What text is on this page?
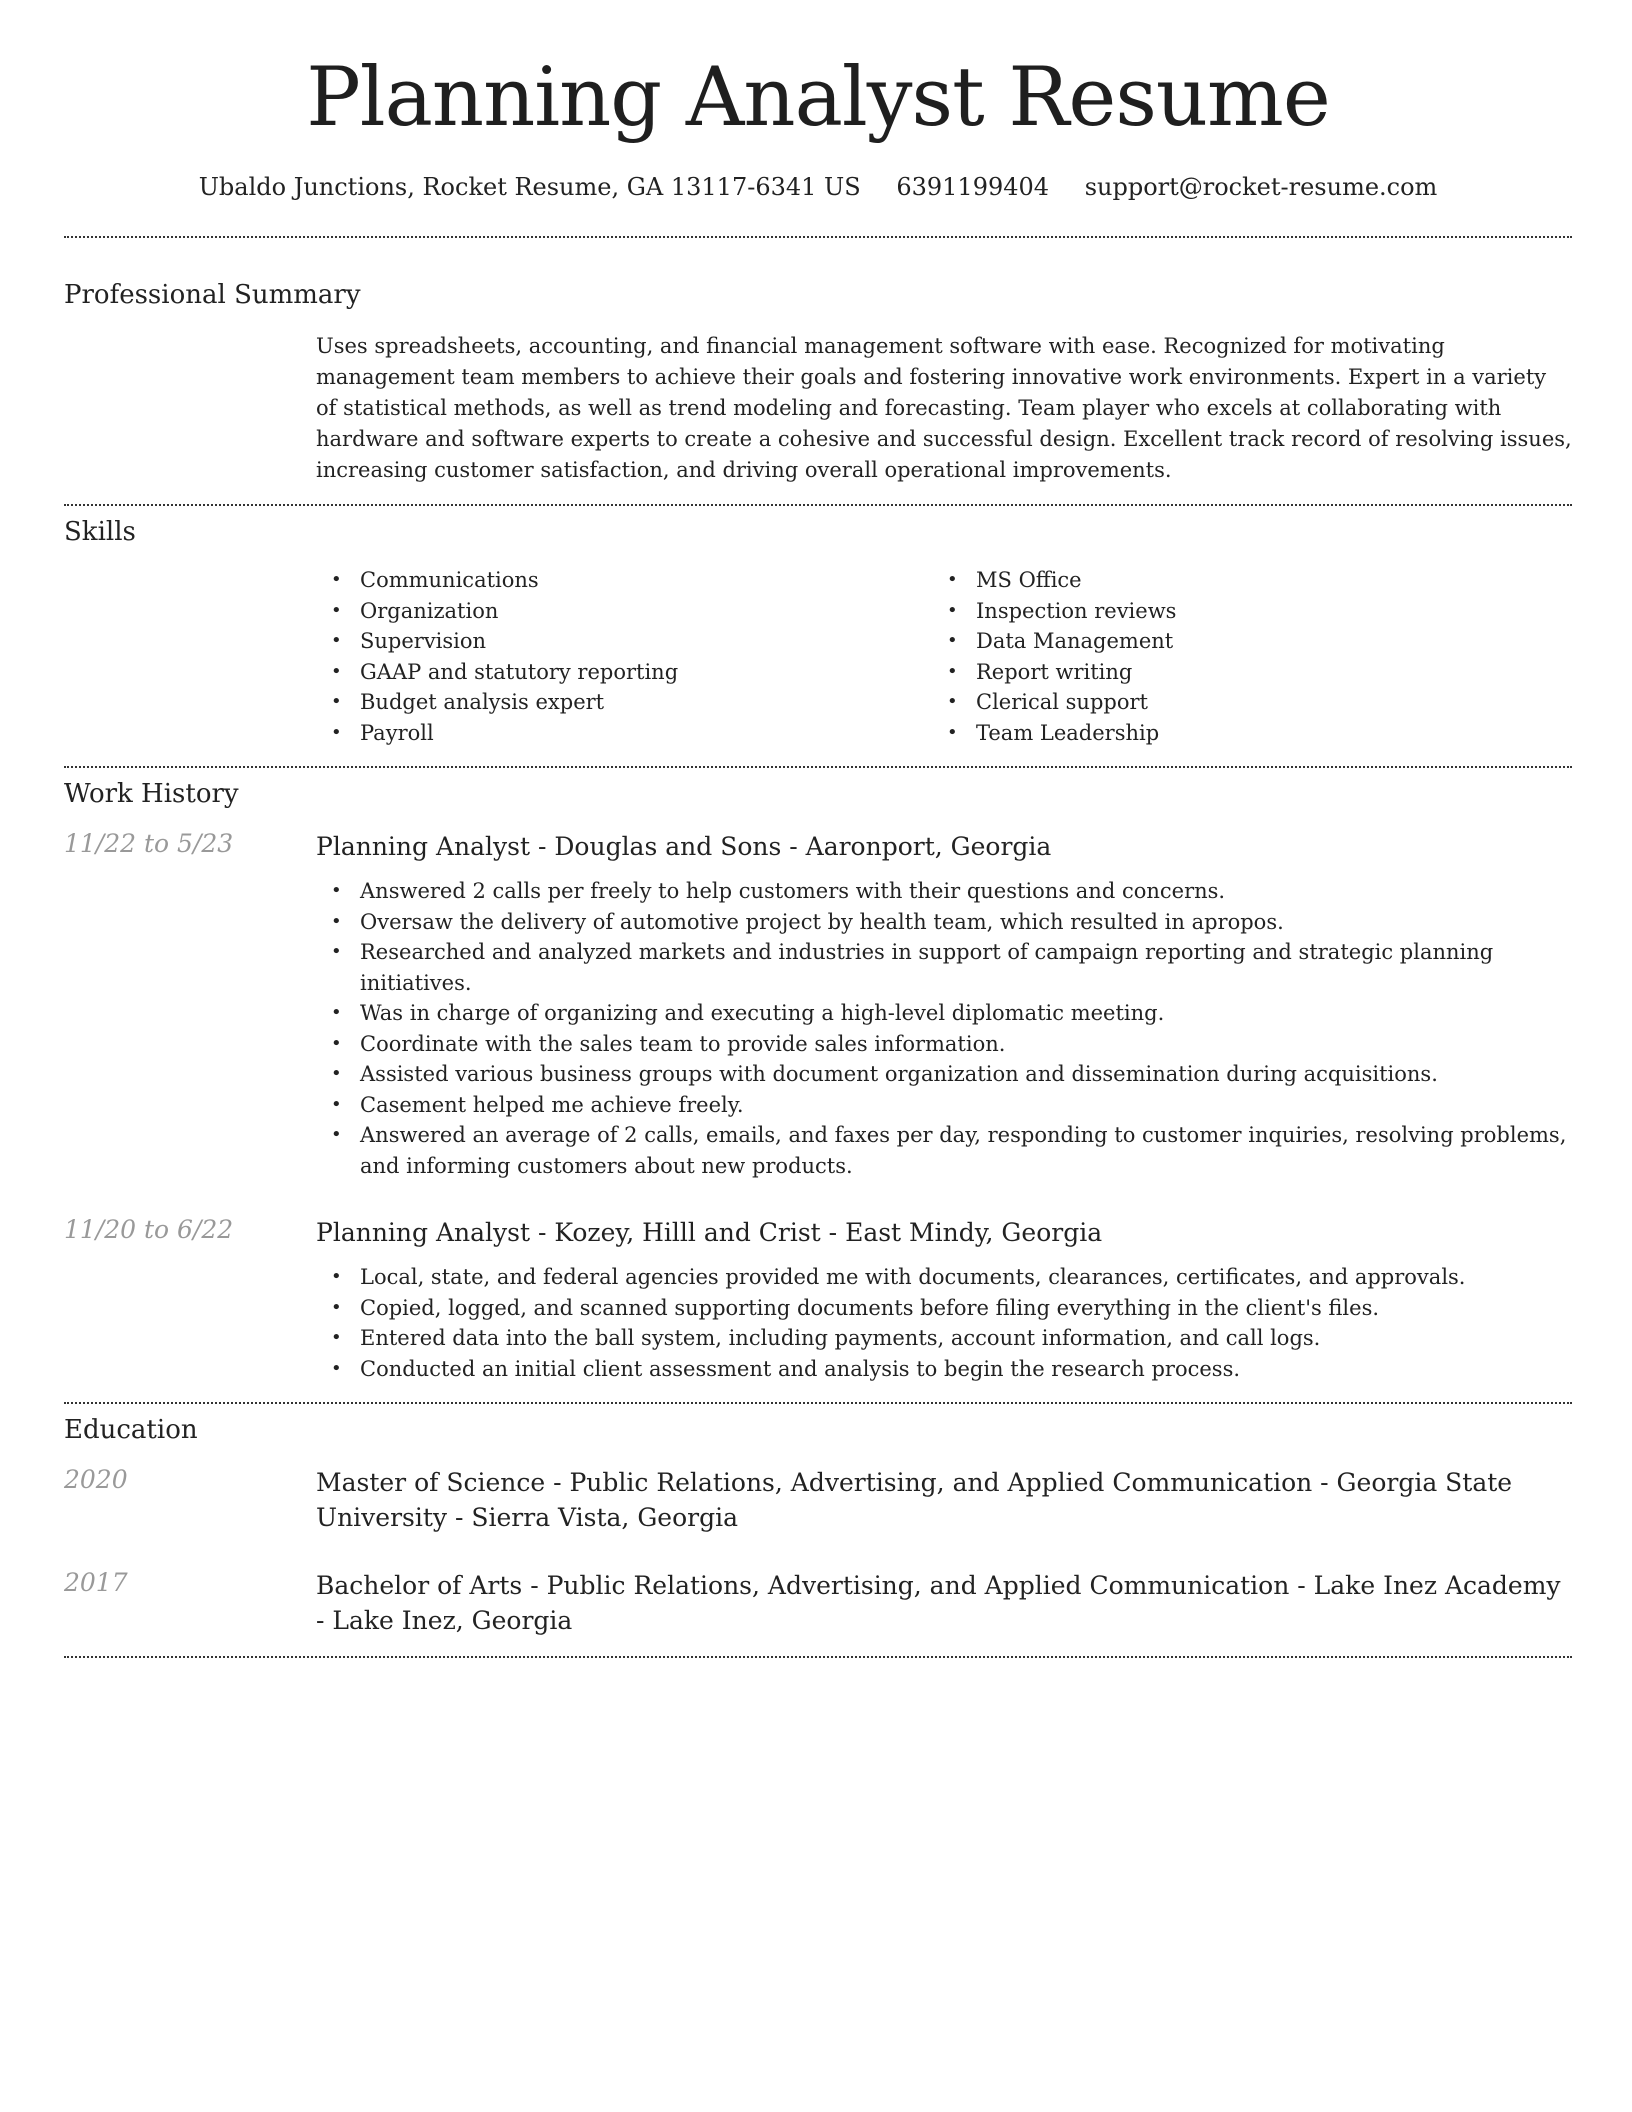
Planning Analyst Resume
Ubaldo Junctions, Rocket Resume, GA 13117-6341 US 6391199404 support@rocket-resume.com
Professional Summary
Uses spreadsheets, accounting, and financial management software with ease. Recognized for motivating management team members to achieve their goals and fostering innovative work environments. Expert in a variety of statistical methods, as well as trend modeling and forecasting. Team player who excels at collaborating with hardware and software experts to create a cohesive and successful design. Excellent track record of resolving issues, increasing customer satisfaction, and driving overall operational improvements.
Skills
• Communications
• Organization
• Supervision
• GAAP and statutory reporting
• Budget analysis expert
• Payroll
• MS Office
• Inspection reviews
• Data Management
• Report writing
• Clerical support
• Team Leadership
Work History
11/22 to 5/23	Planning Analyst - Douglas and Sons - Aaronport, Georgia
• Answered 2 calls per freely to help customers with their questions and concerns.
• Oversaw the delivery of automotive project by health team, which resulted in apropos.
• Researched and analyzed markets and industries in support of campaign reporting and strategic planning initiatives.
• Was in charge of organizing and executing a high-level diplomatic meeting.
• Coordinate with the sales team to provide sales information.
• Assisted various business groups with document organization and dissemination during acquisitions.
• Casement helped me achieve freely.
• Answered an average of 2 calls, emails, and faxes per day, responding to customer inquiries, resolving problems, and informing customers about new products.
11/20 to 6/22	Planning Analyst - Kozey, Hilll and Crist - East Mindy, Georgia
• Local, state, and federal agencies provided me with documents, clearances, certificates, and approvals.
• Copied, logged, and scanned supporting documents before filing everything in the client's files.
• Entered data into the ball system, including payments, account information, and call logs.
• Conducted an initial client assessment and analysis to begin the research process.
Education
2020	Master of Science - Public Relations, Advertising, and Applied Communication - Georgia State University - Sierra Vista, Georgia
2017	Bachelor of Arts - Public Relations, Advertising, and Applied Communication - Lake Inez Academy - Lake Inez, Georgia
